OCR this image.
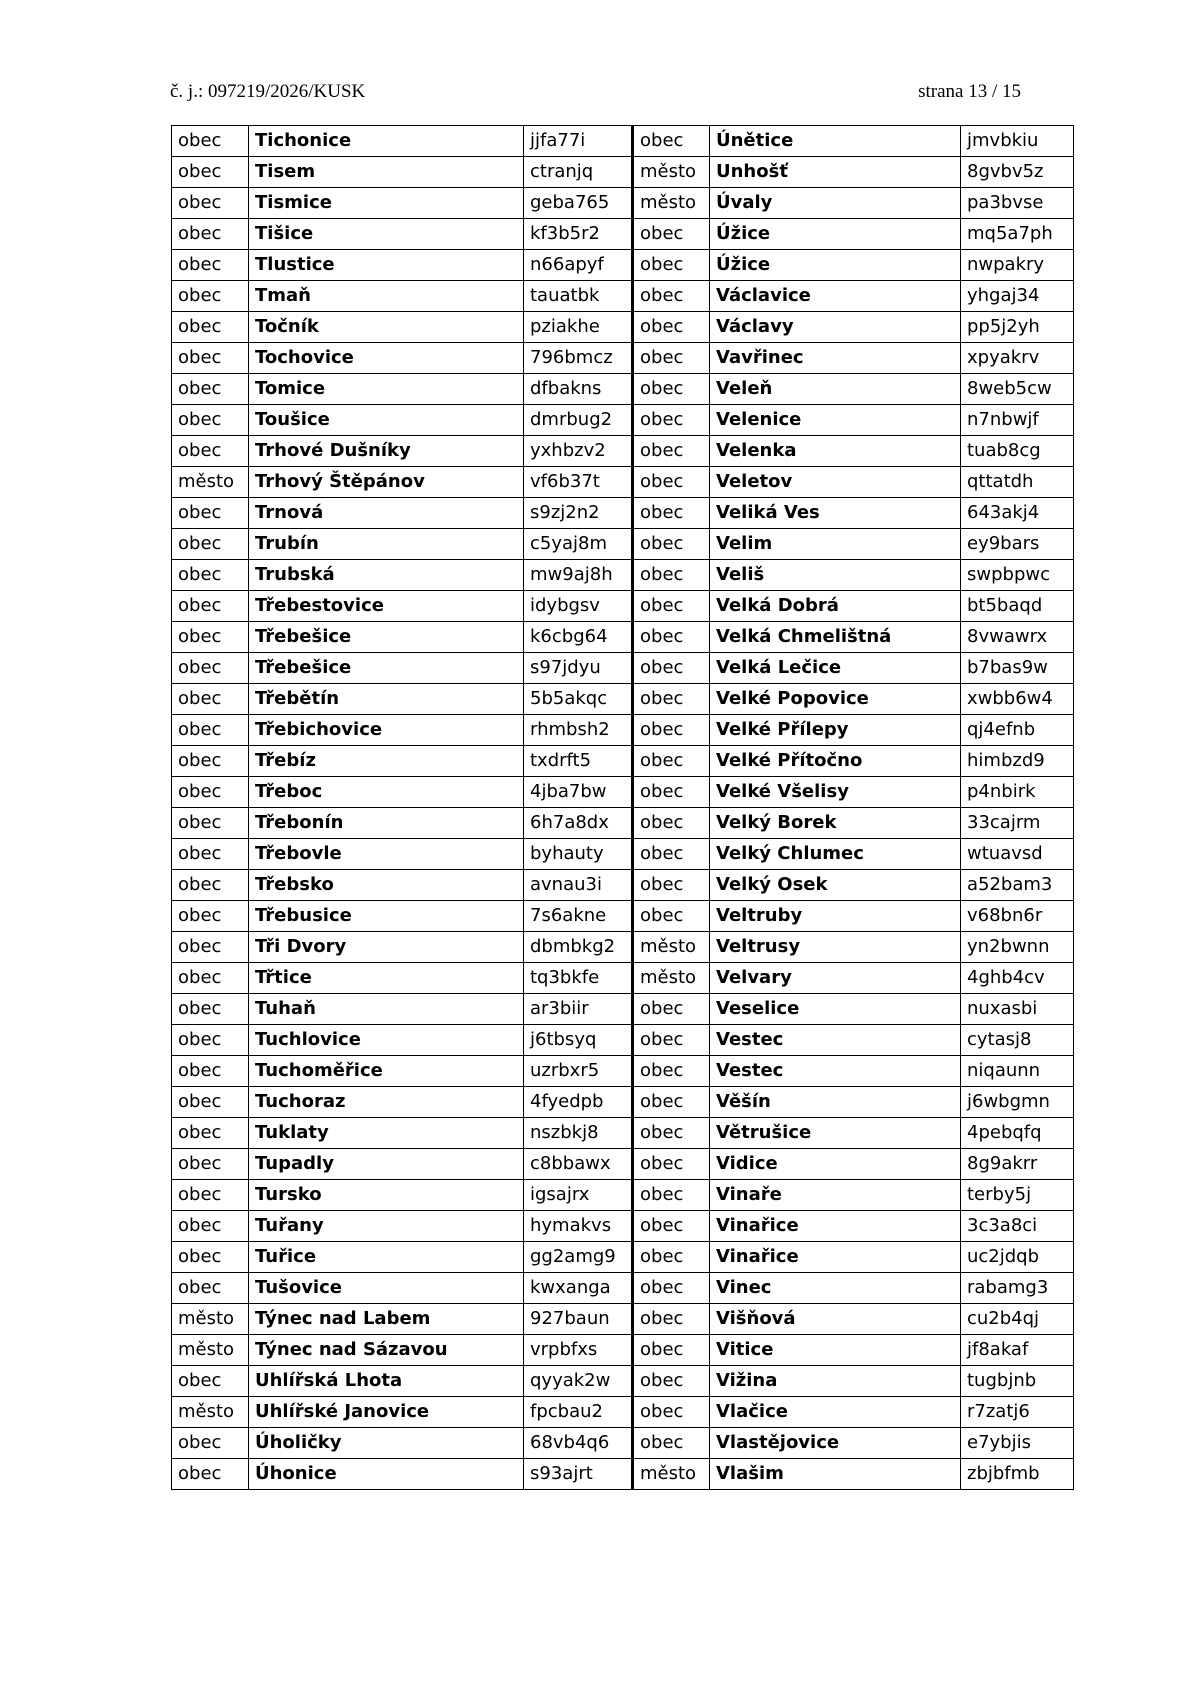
č. j.: 097219/2026/KUSK	strana 13 / 15
obec	Tichonice	jjfa77i	obec	Únětice	jmvbkiu
obec	Tisem	ctranjq	město	Unhošť	8gvbv5z
obec	Tismice	geba765	město	Úvaly	pa3bvse
obec	Tišice	kf3b5r2	obec	Úžice	mq5a7ph
obec	Tlustice	n66apyf	obec	Úžice	nwpakry
obec	Tmaň	tauatbk	obec	Václavice	yhgaj34
obec	Točník	pziakhe	obec	Václavy	pp5j2yh
obec	Tochovice	796bmcz	obec	Vavřinec	xpyakrv
obec	Tomice	dfbakns	obec	Veleň	8web5cw
obec	Toušice	dmrbug2	obec	Velenice	n7nbwjf
obec	Trhové Dušníky	yxhbzv2	obec	Velenka	tuab8cg
město	Trhový Štěpánov	vf6b37t	obec	Veletov	qttatdh
obec	Trnová	s9zj2n2	obec	Veliká Ves	643akj4
obec	Trubín	c5yaj8m	obec	Velim	ey9bars
obec	Trubská	mw9aj8h	obec	Veliš	swpbpwc
obec	Třebestovice	idybgsv	obec	Velká Dobrá	bt5baqd
obec	Třebešice	k6cbg64	obec	Velká Chmelištná	8vwawrx
obec	Třebešice	s97jdyu	obec	Velká Lečice	b7bas9w
obec	Třebětín	5b5akqc	obec	Velké Popovice	xwbb6w4
obec	Třebichovice	rhmbsh2	obec	Velké Přílepy	qj4efnb
obec	Třebíz	txdrft5	obec	Velké Přítočno	himbzd9
obec	Třeboc	4jba7bw	obec	Velké Všelisy	p4nbirk
obec	Třebonín	6h7a8dx	obec	Velký Borek	33cajrm
obec	Třebovle	byhauty	obec	Velký Chlumec	wtuavsd
obec	Třebsko	avnau3i	obec	Velký Osek	a52bam3
obec	Třebusice	7s6akne	obec	Veltruby	v68bn6r
obec	Tři Dvory	dbmbkg2	město	Veltrusy	yn2bwnn
obec	Třtice	tq3bkfe	město	Velvary	4ghb4cv
obec	Tuhaň	ar3biir	obec	Veselice	nuxasbi
obec	Tuchlovice	j6tbsyq	obec	Vestec	cytasj8
obec	Tuchoměřice	uzrbxr5	obec	Vestec	niqaunn
obec	Tuchoraz	4fyedpb	obec	Věšín	j6wbgmn
obec	Tuklaty	nszbkj8	obec	Větrušice	4pebqfq
obec	Tupadly	c8bbawx	obec	Vidice	8g9akrr
obec	Tursko	igsajrx	obec	Vinaře	terby5j
obec	Tuřany	hymakvs	obec	Vinařice	3c3a8ci
obec	Tuřice	gg2amg9	obec	Vinařice	uc2jdqb
obec	Tušovice	kwxanga	obec	Vinec	rabamg3
město	Týnec nad Labem	927baun	obec	Višňová	cu2b4qj
město	Týnec nad Sázavou	vrpbfxs	obec	Vitice	jf8akaf
obec	Uhlířská Lhota	qyyak2w	obec	Vižina	tugbjnb
město	Uhlířské Janovice	fpcbau2	obec	Vlačice	r7zatj6
obec	Úholičky	68vb4q6	obec	Vlastějovice	e7ybjis
obec	Úhonice	s93ajrt	město	Vlašim	zbjbfmb
